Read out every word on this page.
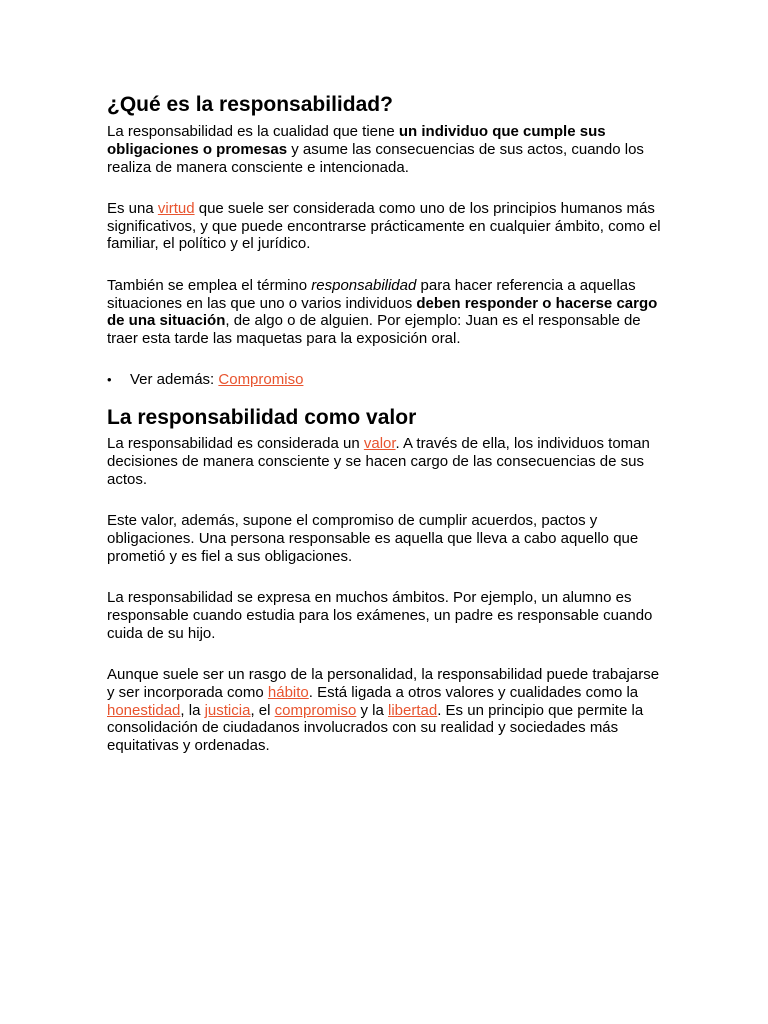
¿Qué es la responsabilidad?

La responsabilidad es la cualidad que tiene un individuo que cumple sus obligaciones o promesas y asume las consecuencias de sus actos, cuando los realiza de manera consciente e intencionada.

Es una virtud que suele ser considerada como uno de los principios humanos más significativos, y que puede encontrarse prácticamente en cualquier ámbito, como el familiar, el político y el jurídico.

También se emplea el término responsabilidad para hacer referencia a aquellas situaciones en las que uno o varios individuos deben responder o hacerse cargo de una situación, de algo o de alguien. Por ejemplo: Juan es el responsable de traer esta tarde las maquetas para la exposición oral.

• Ver además: Compromiso
La responsabilidad como valor

La responsabilidad es considerada un valor. A través de ella, los individuos toman decisiones de manera consciente y se hacen cargo de las consecuencias de sus actos.

Este valor, además, supone el compromiso de cumplir acuerdos, pactos y obligaciones. Una persona responsable es aquella que lleva a cabo aquello que prometió y es fiel a sus obligaciones.

La responsabilidad se expresa en muchos ámbitos. Por ejemplo, un alumno es responsable cuando estudia para los exámenes, un padre es responsable cuando cuida de su hijo.

Aunque suele ser un rasgo de la personalidad, la responsabilidad puede trabajarse y ser incorporada como hábito. Está ligada a otros valores y cualidades como la honestidad, la justicia, el compromiso y la libertad. Es un principio que permite la consolidación de ciudadanos involucrados con su realidad y sociedades más equitativas y ordenadas.
